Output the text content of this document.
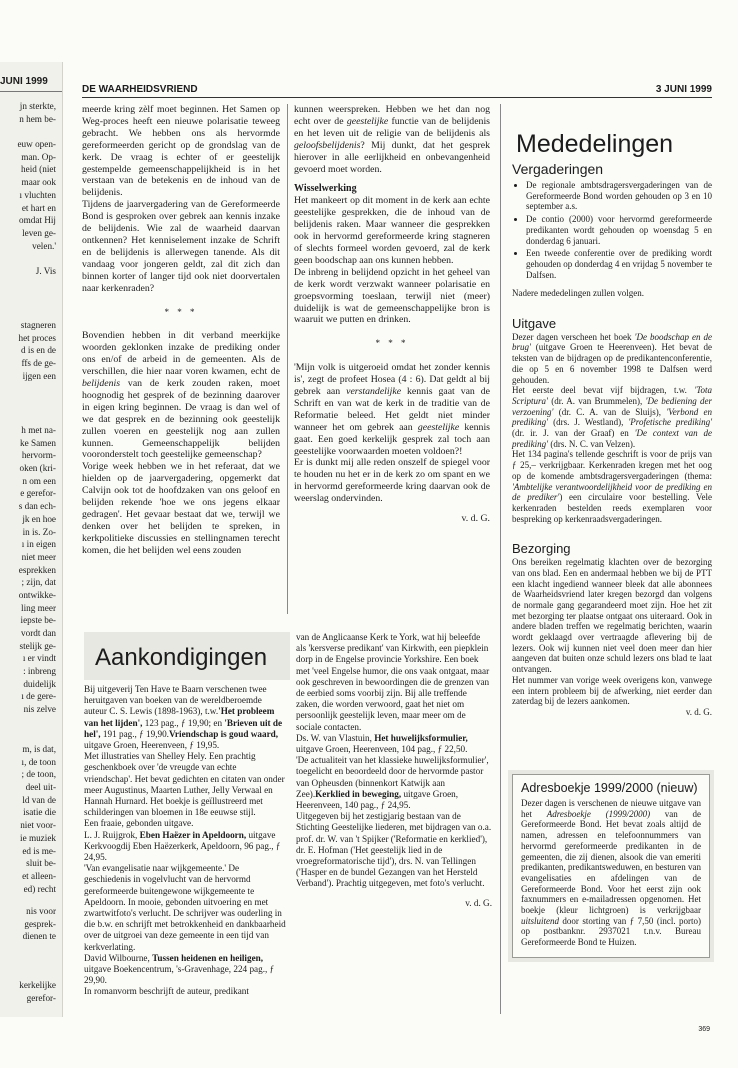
JUNI 1999
jn sterkte,
n hem be-

euw open-
man. Op-
heid (niet
maar ook
ı vluchten
et hart en
omdat Hij
leven ge-
velen.'

J. Vis
stagneren
het proces
d is en de
ffs de ge-
ijgen een
h met na-
ke Samen
hervorm-
oken (kri-
n om een
e gerefor-
s dan ech-
jk en hoe
in is. Zo-
ı in eigen
niet meer
esprekken
; zijn, dat
ontwikke-
ling meer
iepste be-
vordt dan
stelijk ge-
ı er vindt
: inbreng
duidelijk
ı de gere-
nis zelve
m, is dat,
ı, de toon
; de toon,
deel uit-
ld van de
isatie die
niet voor-
ie muziek
ed is me-
sluit be-
et alleen-
ed) recht
nis voor
gesprek-
dienen te
kerkelijke
gerefor-
DE WAARHEIDSVRIEND	3 JUNI 1999

meerde kring zèlf moet beginnen. Het Samen op Weg-proces heeft een nieuwe polarisatie teweeg gebracht. We hebben ons als hervormde gereformeerden gericht op de grondslag van de kerk. De vraag is echter of er geestelijk gestempelde gemeenschappelijkheid is in het verstaan van de betekenis en de inhoud van de belijdenis.

Tijdens de jaarvergadering van de Gereformeerde Bond is gesproken over gebrek aan kennis inzake de belijdenis. Wie zal de waarheid daarvan ontkennen? Het kenniselement inzake de Schrift en de belijdenis is allerwegen tanende. Als dit vandaag voor jongeren geldt, zal dit zich dan binnen korter of langer tijd ook niet doorvertalen naar kerkenraden?

* * *

Bovendien hebben in dit verband meerkijke woorden geklonken inzake de prediking onder ons en/of de arbeid in de gemeenten. Als de verschillen, die hier naar voren kwamen, echt de belijdenis van de kerk zouden raken, moet hoognodig het gesprek of de bezinning daarover in eigen kring beginnen. De vraag is dan wel of we dat gesprek en de bezinning ook geestelijk zullen voeren en geestelijk nog aan zullen kunnen. Gemeenschappelijk belijden vooronderstelt toch geestelijke gemeenschap?

Vorige week hebben we in het referaat, dat we hielden op de jaarvergadering, opgemerkt dat Calvijn ook tot de hoofdzaken van ons geloof en belijden rekende 'hoe we ons jegens elkaar gedragen'. Het gevaar bestaat dat we, terwijl we denken over het belijden te spreken, in kerkpolitieke discussies en stellingnamen terecht komen, die het belijden wel eens zouden

kunnen weerspreken. Hebben we het dan nog echt over de geestelijke functie van de belijdenis en het leven uit de religie van de belijdenis als geloofsbelijdenis? Mij dunkt, dat het gesprek hierover in alle eerlijkheid en onbevangenheid gevoerd moet worden.

Wisselwerking

Het mankeert op dit moment in de kerk aan echte geestelijke gesprekken, die de inhoud van de belijdenis raken. Maar wanneer die gesprekken ook in hervormd gereformeerde kring stagneren of slechts formeel worden gevoerd, zal de kerk geen boodschap aan ons kunnen hebben.

De inbreng in belijdend opzicht in het geheel van de kerk wordt verzwakt wanneer polarisatie en groepsvorming toeslaan, terwijl niet (meer) duidelijk is wat de gemeenschappelijke bron is waaruit we putten en drinken.

* * *

'Mijn volk is uitgeroeid omdat het zonder kennis is', zegt de profeet Hosea (4 : 6). Dat geldt al bij gebrek aan verstandelijke kennis gaat van de Schrift en van wat de kerk in de traditie van de Reformatie beleed. Het geldt niet minder wanneer het om gebrek aan geestelijke kennis gaat. Een goed kerkelijk gesprek zal toch aan geestelijke voorwaarden moeten voldoen?!

Er is dunkt mij alle reden onszelf de spiegel voor te houden nu het er in de kerk zo om spant en we in hervormd gereformeerde kring daarvan ook de weerslag ondervinden.

v. d. G.
Mededelingen
Vergaderingen
• De regionale ambtsdragersvergaderingen van de Gereformeerde Bond worden gehouden op 3 en 10 september a.s.
• De contio (2000) voor hervormd gereformeerde predikanten wordt gehouden op woensdag 5 en donderdag 6 januari.
• Een tweede conferentie over de prediking wordt gehouden op donderdag 4 en vrijdag 5 november te Dalfsen.

Nadere mededelingen zullen volgen.

Uitgave

Dezer dagen verscheen het boek 'De boodschap en de brug' (uitgave Groen te Heerenveen). Het bevat de teksten van de bijdragen op de predikantenconferentie, die op 5 en 6 november 1998 te Dalfsen werd gehouden.

Het eerste deel bevat vijf bijdragen, t.w. 'Tota Scriptura' (dr. A. van Brummelen), 'De bediening der verzoening' (dr. C. A. van de Sluijs), 'Verbond en prediking' (drs. J. Westland), 'Profetische prediking' (dr. ir. J. van der Graaf) en 'De context van de prediking' (drs. N. C. van Velzen).

Het 134 pagina's tellende geschrift is voor de prijs van ƒ 25,– verkrijgbaar. Kerkenraden kregen met het oog op de komende ambtsdragersvergaderingen (thema: 'Ambtelijke verantwoordelijkheid voor de prediking en de prediker') een circulaire voor bestelling. Vele kerkenraden bestelden reeds exemplaren voor bespreking op kerkenraadsvergaderingen.

Bezorging

Ons bereiken regelmatig klachten over de bezorging van ons blad. Een en andermaal hebben we bij de PTT een klacht ingediend wanneer bleek dat alle abonnees de Waarheidsvriend later kregen bezorgd dan volgens de normale gang gegarandeerd moet zijn. Hoe het zit met bezorging ter plaatse ontgaat ons uiteraard. Ook in andere bladen treffen we regelmatig berichten, waarin wordt geklaagd over vertraagde aflevering bij de lezers. Ook wij kunnen niet veel doen meer dan hier aangeven dat buiten onze schuld lezers ons blad te laat ontvangen.

Het nummer van vorige week overigens kon, vanwege een intern probleem bij de afwerking, niet eerder dan zaterdag bij de lezers aankomen.

v. d. G.
Adresboekje 1999/2000 (nieuw)
Dezer dagen is verschenen de nieuwe uitgave van het Adresboekje (1999/2000) van de Gereformeerde Bond. Het bevat zoals altijd de namen, adressen en telefoonnummers van hervormd gereformeerde predikanten in de gemeenten, die zij dienen, alsook die van emeriti predikanten, predikantsweduwen, en besturen van evangelisaties en afdelingen van de Gereformeerde Bond. Voor het eerst zijn ook faxnummers en e-mailadressen opgenomen. Het boekje (kleur lichtgroen) is verkrijgbaar uitsluitend door storting van ƒ 7,50 (incl. porto) op postbanknr. 2937021 t.n.v. Bureau Gereformeerde Bond te Huizen.
Aankondigingen
Bij uitgeverij Ten Have te Baarn verschenen twee heruitgaven van boeken van de wereldberoemde auteur C. S. Lewis (1898-1963), t.w.'Het probleem van het lijden', 123 pag., ƒ 19,90; en 'Brieven uit de hel', 191 pag., ƒ 19,90.Vriendschap is goud waard, uitgave Groen, Heerenveen, ƒ 19,95.
Met illustraties van Shelley Hely. Een prachtig geschenkboek over 'de vreugde van echte vriendschap'. Het bevat gedichten en citaten van onder meer Augustinus, Maarten Luther, Jelly Verwaal en Hannah Hurnard. Het boekje is geïllustreerd met schilderingen van bloemen in 18e eeuwse stijl.
Een fraaie, gebonden uitgave.
L. J. Ruijgrok, Eben Haëzer in Apeldoorn, uitgave Kerkvoogdij Eben Haëzerkerk, Apeldoorn, 96 pag., ƒ 24,95.
'Van evangelisatie naar wijkgemeente.' De geschiedenis in vogelvlucht van de hervormd gereformeerde buitengewone wijkgemeente te Apeldoorn. In mooie, gebonden uitvoering en met zwartwitfoto's verlucht. De schrijver was ouderling in die b.w. en schrijft met betrokkenheid en dankbaarheid over de uitgroei van deze gemeente in een tijd van kerkverlating.
David Wilbourne, Tussen heidenen en heiligen, uitgave Boekencentrum, 's-Gravenhage, 224 pag., ƒ 29,90.
In romanvorm beschrijft de auteur, predikant
van de Anglicaanse Kerk te York, wat hij beleefde als 'kersverse predikant' van Kirkwith, een piepklein dorp in de Engelse provincie Yorkshire. Een boek met 'veel Engelse humor, die ons vaak ontgaat, maar ook geschreven in bewoordingen die de grenzen van de eerbied soms voorbij zijn. Bij alle treffende zaken, die worden verwoord, gaat het niet om persoonlijk geestelijk leven, maar meer om de sociale contacten.
Ds. W. van Vlastuin, Het huwelijksformulier, uitgave Groen, Heerenveen, 104 pag., ƒ 22,50.
'De actualiteit van het klassieke huwelijksformulier', toegelicht en beoordeeld door de hervormde pastor van Opheusden (binnenkort Katwijk aan Zee).Kerklied in beweging, uitgave Groen, Heerenveen, 140 pag., ƒ 24,95.
Uitgegeven bij het zestigjarig bestaan van de Stichting Geestelijke liederen, met bijdragen van o.a. prof. dr. W. van 't Spijker ('Reformatie en kerklied'), dr. E. Hofman ('Het geestelijk lied in de vroegreformatorische tijd'), drs. N. van Tellingen ('Hasper en de bundel Gezangen van het Hersteld Verband'). Prachtig uitgegeven, met foto's verlucht.
v. d. G.
369
